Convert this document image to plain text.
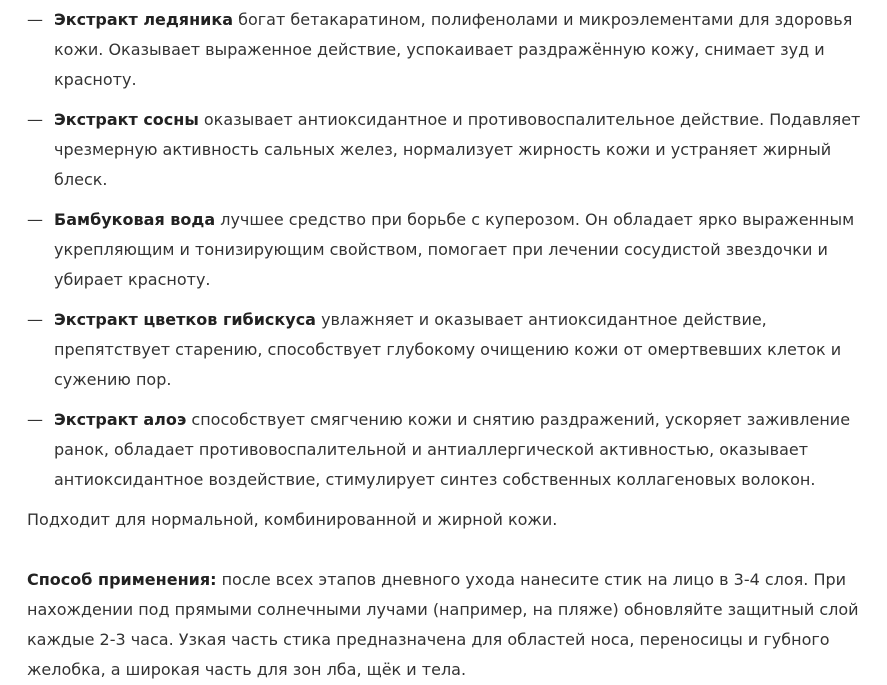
— Экстракт ледяника богат бетакаратином, полифенолами и микроэлементами для здоровья кожи. Оказывает выраженное действие, успокаивает раздражённую кожу, снимает зуд и красноту.
— Экстракт сосны оказывает антиоксидантное и противовоспалительное действие. Подавляет чрезмерную активность сальных желез, нормализует жирность кожи и устраняет жирный блеск.
— Бамбуковая вода лучшее средство при борьбе с куперозом. Он обладает ярко выраженным укрепляющим и тонизирующим свойством, помогает при лечении сосудистой звездочки и убирает красноту.
— Экстракт цветков гибискуса увлажняет и оказывает антиоксидантное действие, препятствует старению, способствует глубокому очищению кожи от омертвевших клеток и сужению пор.
— Экстракт алоэ способствует смягчению кожи и снятию раздражений, ускоряет заживление ранок, обладает противовоспалительной и антиаллергической активностью, оказывает антиоксидантное воздействие, стимулирует синтез собственных коллагеновых волокон.

Подходит для нормальной, комбинированной и жирной кожи.

Способ применения: после всех этапов дневного ухода нанесите стик на лицо в 3-4 слоя. При нахождении под прямыми солнечными лучами (например, на пляже) обновляйте защитный слой каждые 2-3 часа. Узкая часть стика предназначена для областей носа, переносицы и губного желобка, а широкая часть для зон лба, щёк и тела.
